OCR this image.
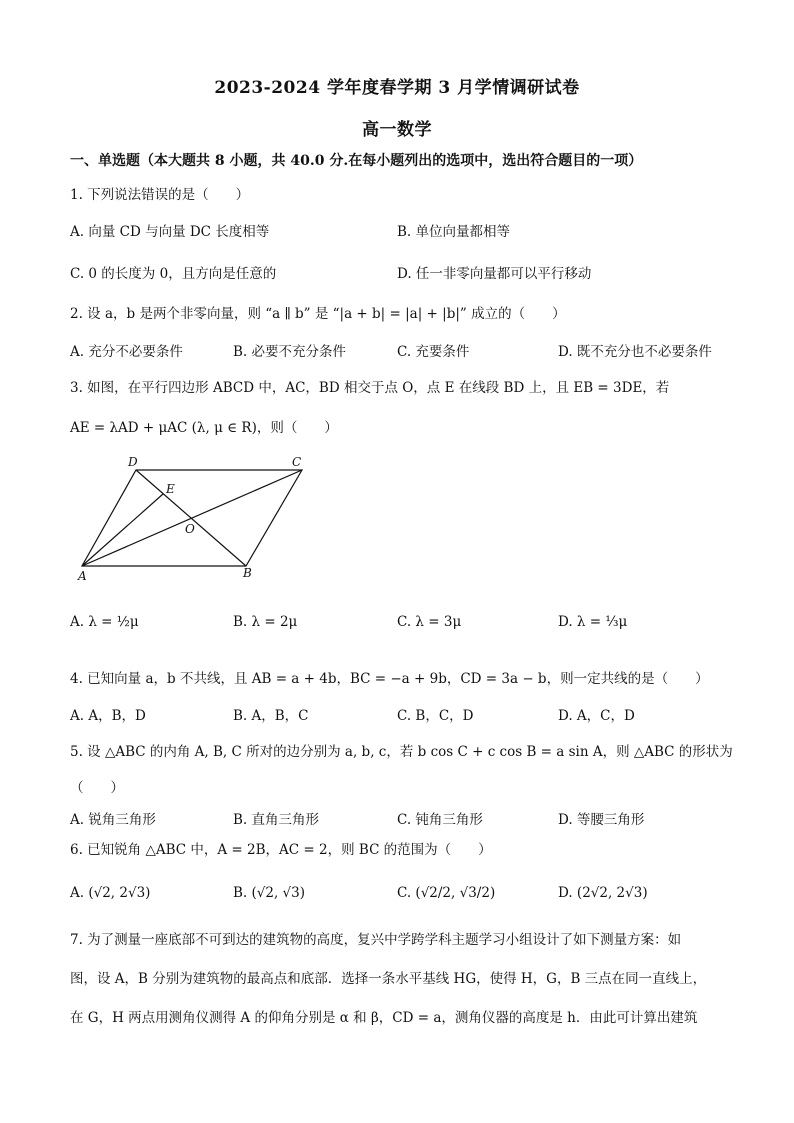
2023-2024 学年度春学期 3 月学情调研试卷
高一数学
一、单选题（本大题共 8 小题，共 40.0 分.在每小题列出的选项中，选出符合题目的一项）
1. 下列说法错误的是（　　）
A. 向量 CD 与向量 DC 长度相等	B. 单位向量都相等
C. 0 的长度为 0，且方向是任意的	D. 任一非零向量都可以平行移动
2. 设 a，b 是两个非零向量，则 “a ∥ b” 是 “|a + b| = |a| + |b|” 成立的（　　）
A. 充分不必要条件	B. 必要不充分条件	C. 充要条件	D. 既不充分也不必要条件
3. 如图，在平行四边形 ABCD 中，AC，BD 相交于点 O，点 E 在线段 BD 上，且 EB = 3DE，若
AE = λAD + μAC (λ, μ ∈ R)，则（　　）
D	C
E
O
A	B
A. λ = ½μ	B. λ = 2μ	C. λ = 3μ	D. λ = ⅓μ
4. 已知向量 a，b 不共线，且 AB = a + 4b，BC = −a + 9b，CD = 3a − b，则一定共线的是（　　）
A. A，B，D	B. A，B，C	C. B，C，D	D. A，C，D
5. 设 △ABC 的内角 A, B, C 所对的边分别为 a, b, c，若 b cos C + c cos B = a sin A，则 △ABC 的形状为
（　　）
A. 锐角三角形	B. 直角三角形	C. 钝角三角形	D. 等腰三角形
6. 已知锐角 △ABC 中，A = 2B，AC = 2，则 BC 的范围为（　　）
A. (√2, 2√3)	B. (√2, √3)	C. (√2/2, √3/2)	D. (2√2, 2√3)
7. 为了测量一座底部不可到达的建筑物的高度，复兴中学跨学科主题学习小组设计了如下测量方案：如
图，设 A，B 分别为建筑物的最高点和底部．选择一条水平基线 HG，使得 H，G，B 三点在同一直线上，
在 G，H 两点用测角仪测得 A 的仰角分别是 α 和 β，CD = a，测角仪器的高度是 h．由此可计算出建筑
